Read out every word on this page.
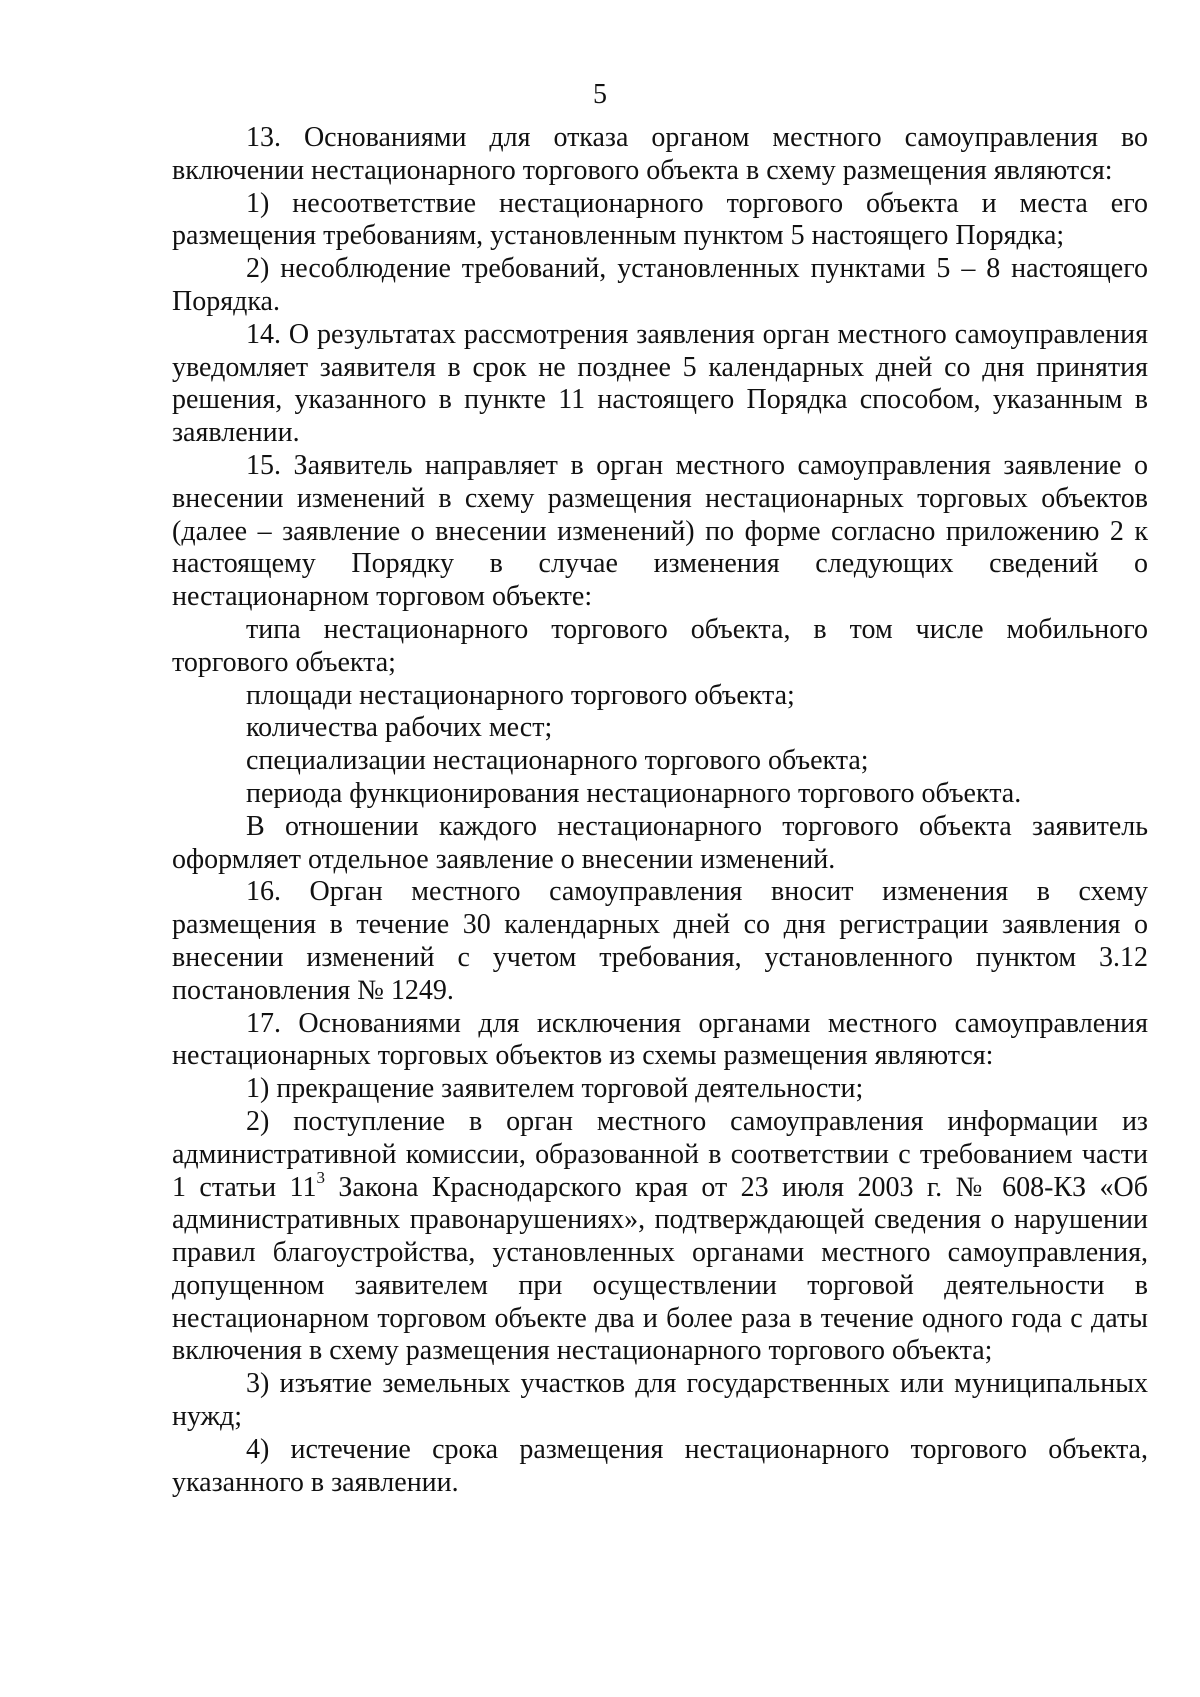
5

13. Основаниями для отказа органом местного самоуправления во включении нестационарного торгового объекта в схему размещения являются:

1) несоответствие нестационарного торгового объекта и места его размещения требованиям, установленным пунктом 5 настоящего Порядка;

2) несоблюдение требований, установленных пунктами 5 – 8 настоящего Порядка.

14. О результатах рассмотрения заявления орган местного самоуправления уведомляет заявителя в срок не позднее 5 календарных дней со дня принятия решения, указанного в пункте 11 настоящего Порядка способом, указанным в заявлении.

15. Заявитель направляет в орган местного самоуправления заявление о внесении изменений в схему размещения нестационарных торговых объектов (далее – заявление о внесении изменений) по форме согласно приложению 2 к настоящему Порядку в случае изменения следующих сведений о нестационарном торговом объекте:

типа нестационарного торгового объекта, в том числе мобильного торгового объекта;

площади нестационарного торгового объекта;

количества рабочих мест;

специализации нестационарного торгового объекта;

периода функционирования нестационарного торгового объекта.

В отношении каждого нестационарного торгового объекта заявитель оформляет отдельное заявление о внесении изменений.

16. Орган местного самоуправления вносит изменения в схему размещения в течение 30 календарных дней со дня регистрации заявления о внесении изменений с учетом требования, установленного пунктом 3.12 постановления № 1249.

17. Основаниями для исключения органами местного самоуправления нестационарных торговых объектов из схемы размещения являются:

1) прекращение заявителем торговой деятельности;

2) поступление в орган местного самоуправления информации из административной комиссии, образованной в соответствии с требованием части 1 статьи $11^3$ Закона Краснодарского края от 23 июля 2003 г. № 608-КЗ «Об административных правонарушениях», подтверждающей сведения о нарушении правил благоустройства, установленных органами местного самоуправления, допущенном заявителем при осуществлении торговой деятельности в нестационарном торговом объекте два и более раза в течение одного года с даты включения в схему размещения нестационарного торгового объекта;

3) изъятие земельных участков для государственных или муниципальных нужд;

4) истечение срока размещения нестационарного торгового объекта, указанного в заявлении.
